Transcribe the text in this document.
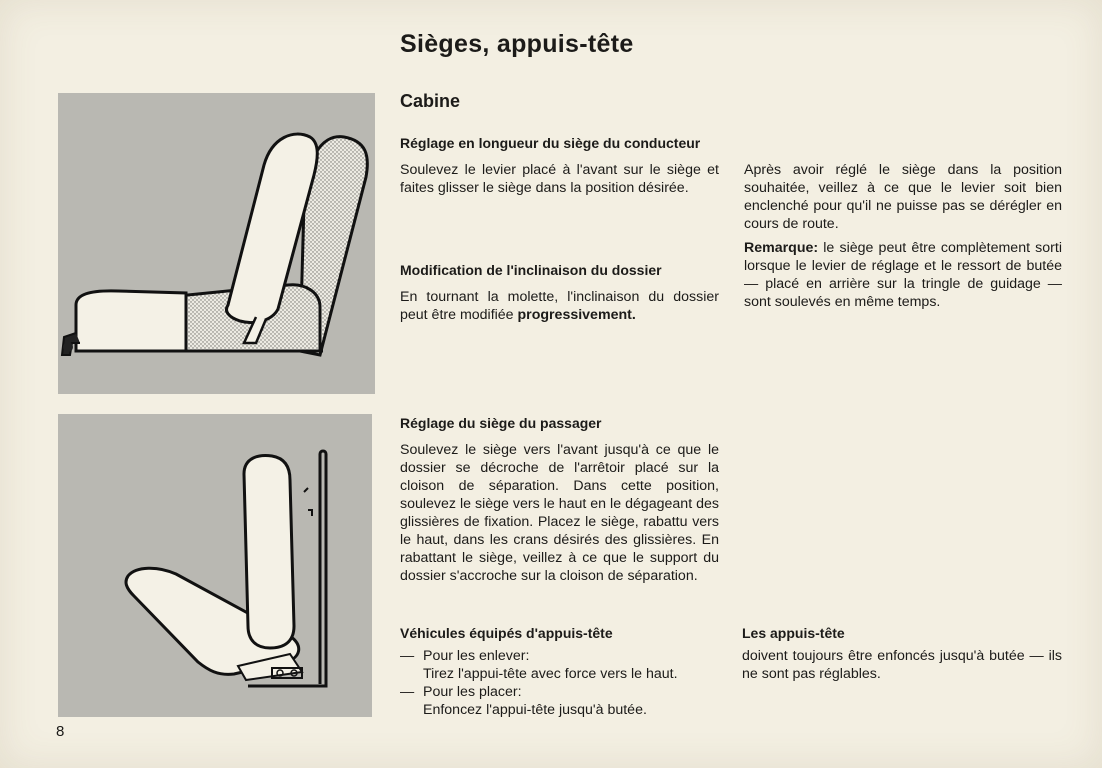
Sièges, appuis-tête
Cabine

Réglage en longueur du siège du conducteur

Soulevez le levier placé à l'avant sur le siège et faites glisser le siège dans la position désirée.

Après avoir réglé le siège dans la position souhaitée, veillez à ce que le levier soit bien enclenché pour qu'il ne puisse pas se dérégler en cours de route.

Remarque: le siège peut être complètement sorti lorsque le levier de réglage et le ressort de butée — placé en arrière sur la tringle de guidage — sont soulevés en même temps.

Modification de l'inclinaison du dossier

En tournant la molette, l'inclinaison du dossier peut être modifiée progressivement.

Réglage du siège du passager

Soulevez le siège vers l'avant jusqu'à ce que le dossier se décroche de l'arrêtoir placé sur la cloison de séparation. Dans cette position, soulevez le siège vers le haut en le dégageant des glissières de fixation. Placez le siège, rabattu vers le haut, dans les crans désirés des glissières. En rabattant le siège, veillez à ce que le support du dossier s'accroche sur la cloison de séparation.

Véhicules équipés d'appuis-tête

— Pour les enlever:
Tirez l'appui-tête avec force vers le haut.
— Pour les placer:
Enfoncez l'appui-tête jusqu'à butée.

Les appuis-tête

doivent toujours être enfoncés jusqu'à butée — ils ne sont pas réglables.

8
